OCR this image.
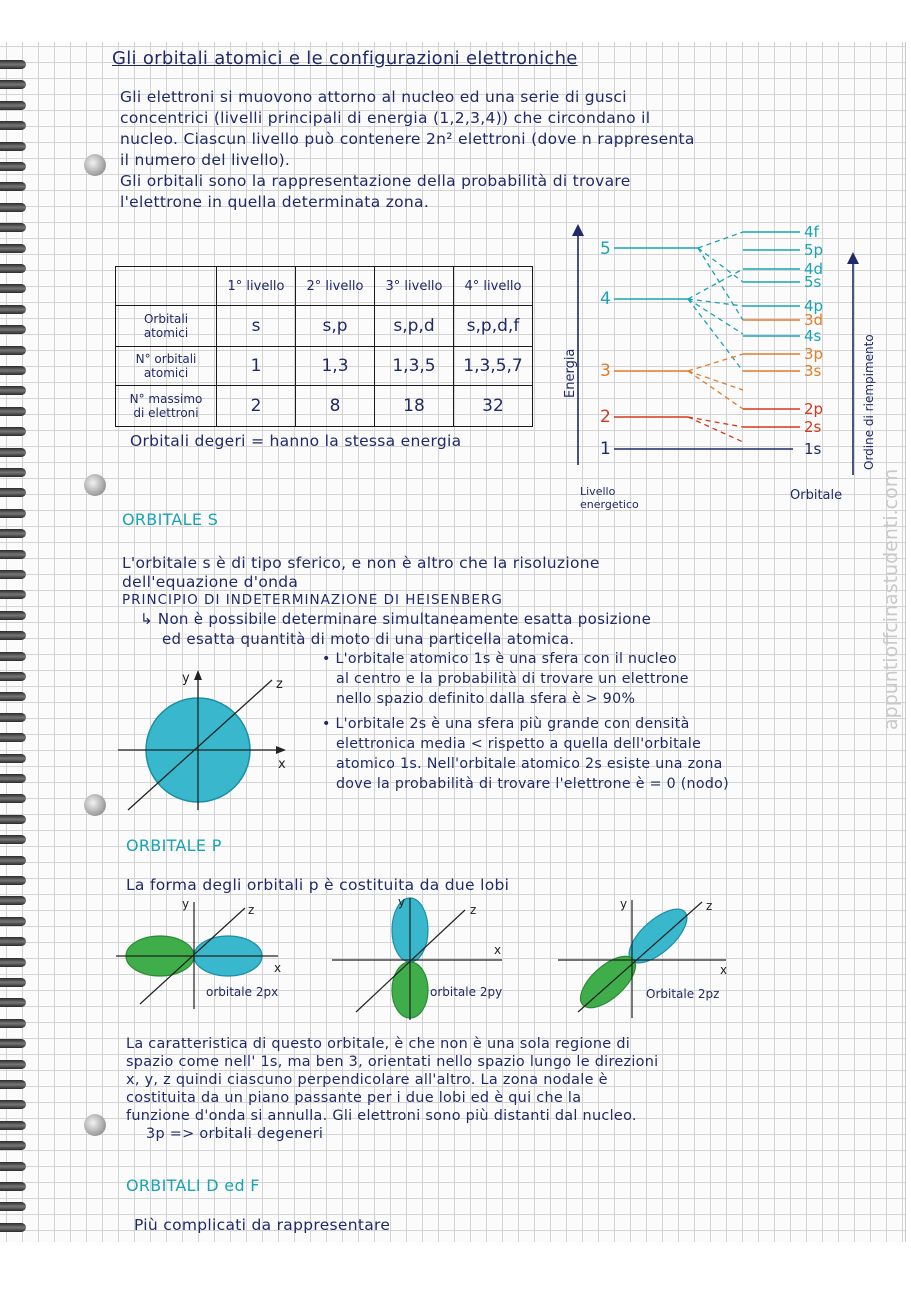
Gli orbitali atomici e le configurazioni elettroniche
Gli elettroni si muovono attorno al nucleo ed una serie di gusci
concentrici (livelli principali di energia (1,2,3,4)) che circondano il
nucleo. Ciascun livello può contenere 2n² elettroni (dove n rappresenta
il numero del livello).
Gli orbitali sono la rappresentazione della probabilità di trovare
l'elettrone in quella determinata zona.
	1° livello	2° livello	3° livello	4° livello
Orbitali
atomici	s	s,p	s,p,d	s,p,d,f
N° orbitali
atomici	1	1,3	1,3,5	1,3,5,7
N° massimo
di elettroni	2	8	18	32
Orbitali degeri = hanno la stessa energia
Energia
5
4
3
2
1
4f
5p
4d
5s
4p
3d
4s
3p
3s
2p
2s
1s	Ordine di riempimento
Livello
energetico
Orbitale
ORBITALE S
L'orbitale s è di tipo sferico, e non è altro che la risoluzione
dell'equazione d'onda
PRINCIPIO DI INDETERMINAZIONE DI HEISENBERG
↳ Non è possibile determinare simultaneamente esatta posizione
ed esatta quantità di moto di una particella atomica.
• L'orbitale atomico 1s è una sfera con il nucleo
al centro e la probabilità di trovare un elettrone
nello spazio definito dalla sfera è > 90%
• L'orbitale 2s è una sfera più grande con densità
elettronica media < rispetto a quella dell'orbitale
atomico 1s. Nell'orbitale atomico 2s esiste una zona
dove la probabilità di trovare l'elettrone è = 0 (nodo)
y
x
z
ORBITALE P
La forma degli orbitali p è costituita da due lobi
y
x
z
orbitale 2px
y
x
z
orbitale 2py
y
x
z
Orbitale 2pz
La caratteristica di questo orbitale, è che non è una sola regione di
spazio come nell' 1s, ma ben 3, orientati nello spazio lungo le direzioni
x, y, z quindi ciascuno perpendicolare all'altro. La zona nodale è
costituita da un piano passante per i due lobi ed è qui che la
funzione d'onda si annulla. Gli elettroni sono più distanti dal nucleo.
3p => orbitali degeneri
ORBITALI D ed F
Più complicati da rappresentare
appuntioffcinastudenti.com
